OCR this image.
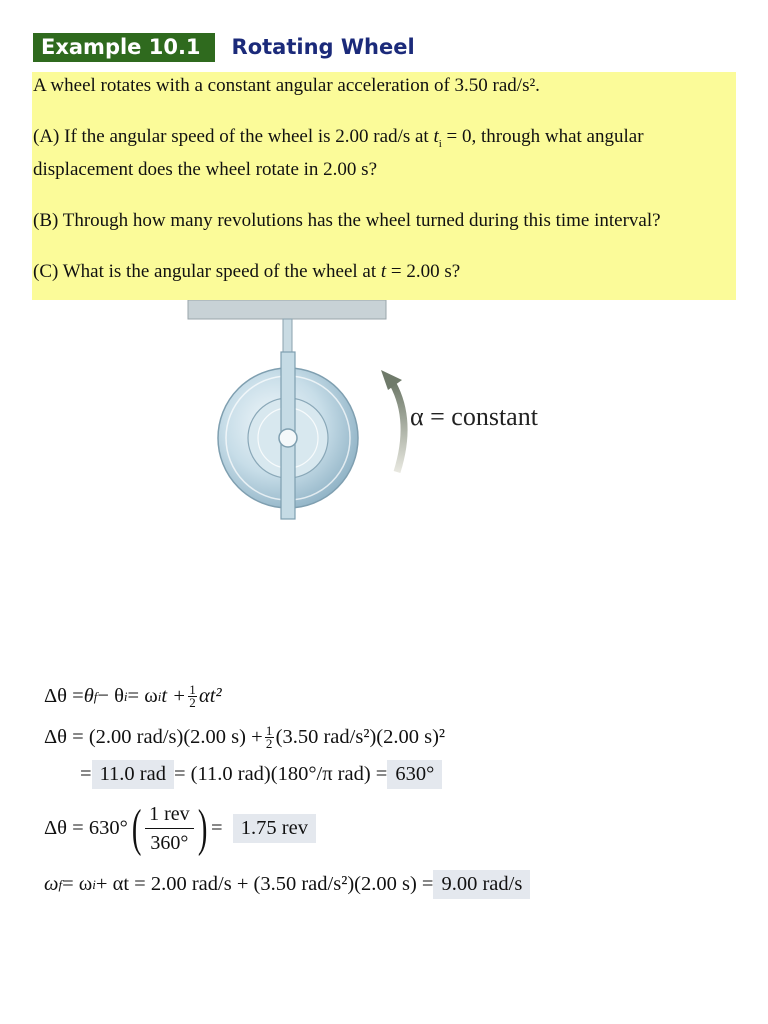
Example 10.1	Rotating Wheel

A wheel rotates with a constant angular acceleration of 3.50 rad/s².

(A) If the angular speed of the wheel is 2.00 rad/s at $t_i = 0$, through what angular displacement does the wheel rotate in 2.00 s?

(B) Through how many revolutions has the wheel turned during this time interval?

(C) What is the angular speed of the wheel at t = 2.00 s?

α = constant
Δθ = θ f − θ i = ω i $t + \frac{1}{2} \alpha t^2$
Δθ = (2.00 rad/s)(2.00 $s) + \frac{1}{2} (3.50$ rad/s²)(2.00 s)²
= 11.0 rad = (11.0 rad)(180°/π rad) = 630°
Δθ = 630° ( 1 rev
360° ) =
1.75 rev
ω f = ω i + αt = 2.00 rad/s + (3.50 rad/s²)(2.00 s) = 9.00 rad/s
